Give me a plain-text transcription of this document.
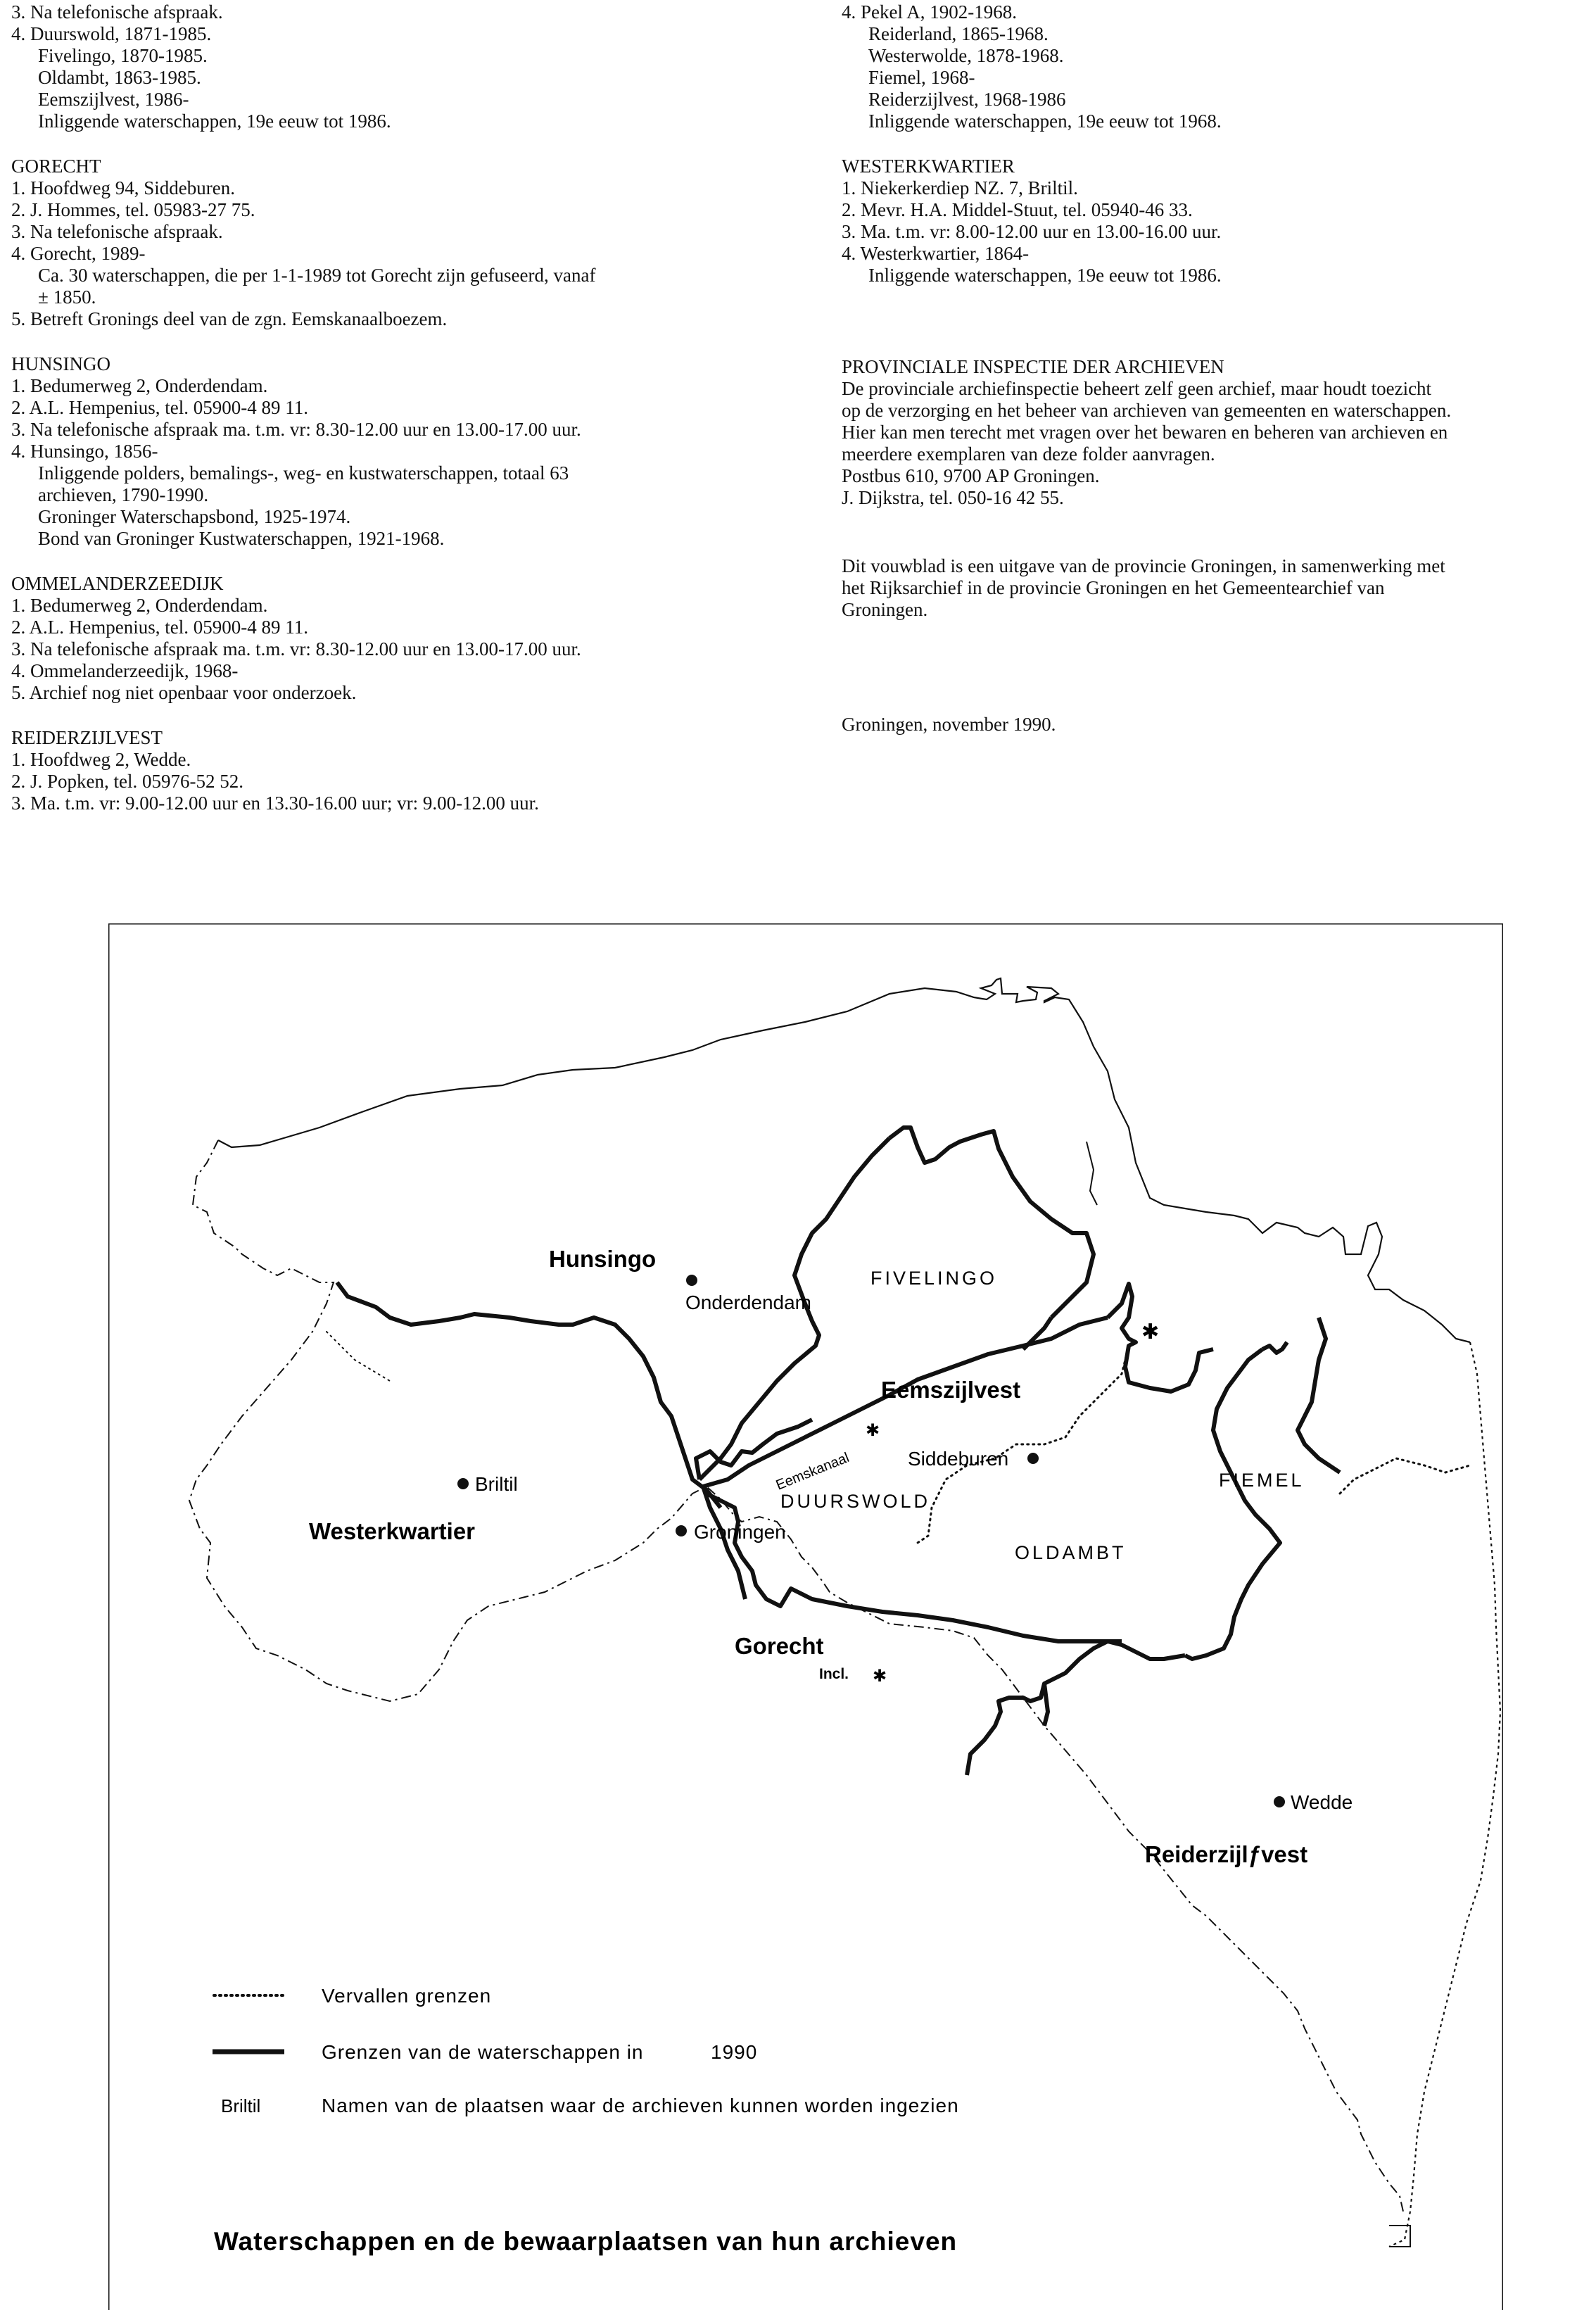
3. Na telefonische afspraak.
4. Duurswold, 1871-1985.
Fivelingo, 1870-1985.
Oldambt, 1863-1985.
Eemszijlvest, 1986-
Inliggende waterschappen, 19e eeuw tot 1986.
GORECHT
1. Hoofdweg 94, Siddeburen.
2. J. Hommes, tel. 05983-27 75.
3. Na telefonische afspraak.
4. Gorecht, 1989-
Ca. 30 waterschappen, die per 1-1-1989 tot Gorecht zijn gefuseerd, vanaf
± 1850.
5. Betreft Gronings deel van de zgn. Eemskanaalboezem.
HUNSINGO
1. Bedumerweg 2, Onderdendam.
2. A.L. Hempenius, tel. 05900-4 89 11.
3. Na telefonische afspraak ma. t.m. vr: 8.30-12.00 uur en 13.00-17.00 uur.
4. Hunsingo, 1856-
Inliggende polders, bemalings-, weg- en kustwaterschappen, totaal 63
archieven, 1790-1990.
Groninger Waterschapsbond, 1925-1974.
Bond van Groninger Kustwaterschappen, 1921-1968.
OMMELANDERZEEDIJK
1. Bedumerweg 2, Onderdendam.
2. A.L. Hempenius, tel. 05900-4 89 11.
3. Na telefonische afspraak ma. t.m. vr: 8.30-12.00 uur en 13.00-17.00 uur.
4. Ommelanderzeedijk, 1968-
5. Archief nog niet openbaar voor onderzoek.
REIDERZIJLVEST
1. Hoofdweg 2, Wedde.
2. J. Popken, tel. 05976-52 52.
3. Ma. t.m. vr: 9.00-12.00 uur en 13.30-16.00 uur; vr: 9.00-12.00 uur.
4. Pekel A, 1902-1968.
Reiderland, 1865-1968.
Westerwolde, 1878-1968.
Fiemel, 1968-
Reiderzijlvest, 1968-1986
Inliggende waterschappen, 19e eeuw tot 1968.
WESTERKWARTIER
1. Niekerkerdiep NZ. 7, Briltil.
2. Mevr. H.A. Middel-Stuut, tel. 05940-46 33.
3. Ma. t.m. vr: 8.00-12.00 uur en 13.00-16.00 uur.
4. Westerkwartier, 1864-
Inliggende waterschappen, 19e eeuw tot 1986.
PROVINCIALE INSPECTIE DER ARCHIEVEN
De provinciale archiefinspectie beheert zelf geen archief, maar houdt toezicht
op de verzorging en het beheer van archieven van gemeenten en waterschappen.
Hier kan men terecht met vragen over het bewaren en beheren van archieven en
meerdere exemplaren van deze folder aanvragen.
Postbus 610, 9700 AP Groningen.
J. Dijkstra, tel. 050-16 42 55.
Dit vouwblad is een uitgave van de provincie Groningen, in samenwerking met
het Rijksarchief in de provincie Groningen en het Gemeentearchief van
Groningen.
Groningen, november 1990.
✱
✱
✱
Hunsingo
FIVELINGO
Eemszijlvest
DUURSWOLD
OLDAMBT
FIEMEL
Westerkwartier
Gorecht
Reiderzijlƒvest
Onderdendam
Briltil
Groningen
Siddeburen
Wedde
Eemskanaal
Incl.
Vervallen grenzen
Grenzen van de waterschappen in	1990
Briltil	Namen van de plaatsen waar de archieven kunnen worden ingezien
Waterschappen en de bewaarplaatsen van hun archieven
